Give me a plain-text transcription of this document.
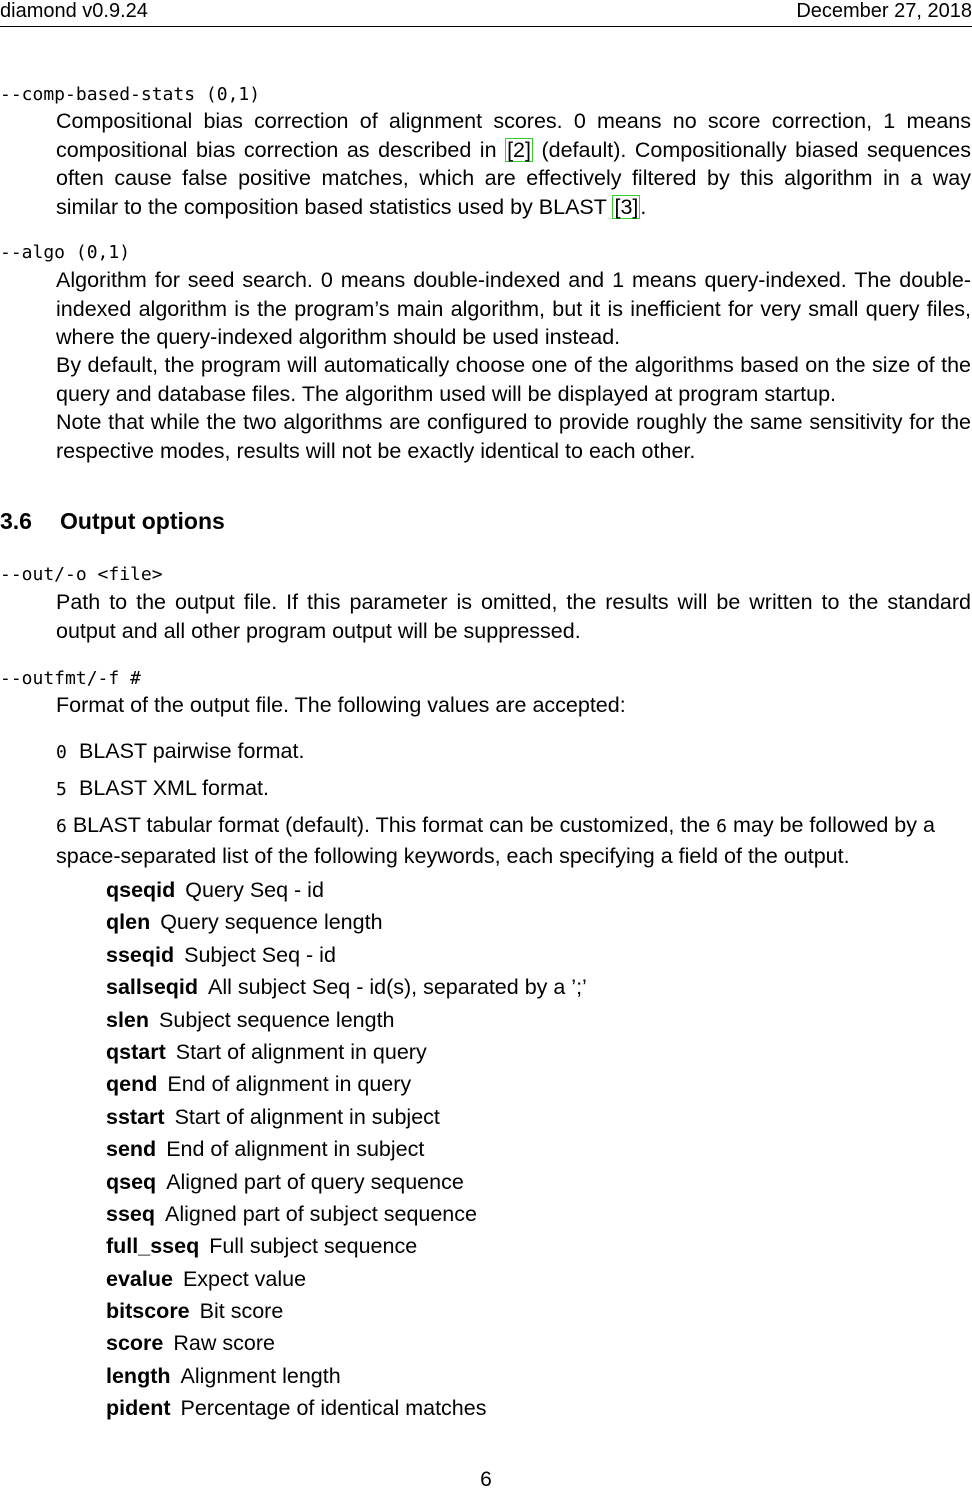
diamond v0.9.24	December 27, 2018
--comp-based-stats (0,1)
Compositional bias correction of alignment scores. 0 means no score correction, 1 means compositional bias correction as described in [2] (default). Compositionally biased sequences often cause false positive matches, which are effectively filtered by this algorithm in a way similar to the composition based statistics used by BLAST [3].
--algo (0,1)
Algorithm for seed search. 0 means double-indexed and 1 means query-indexed. The double-indexed algorithm is the program’s main algorithm, but it is inefficient for very small query files, where the query-indexed algorithm should be used instead.
By default, the program will automatically choose one of the algorithms based on the size of the query and database files. The algorithm used will be displayed at program startup.
Note that while the two algorithms are configured to provide roughly the same sensitivity for the respective modes, results will not be exactly identical to each other.
3.6 Output options
--out/-o <file>
Path to the output file. If this parameter is omitted, the results will be written to the standard output and all other program output will be suppressed.
--outfmt/-f #
Format of the output file. The following values are accepted:
0 BLAST pairwise format.
5 BLAST XML format.
6 BLAST tabular format (default). This format can be customized, the 6 may be followed by a space-separated list of the following keywords, each specifying a field of the output.
qseqid Query Seq - id
qlen Query sequence length
sseqid Subject Seq - id
sallseqid All subject Seq - id(s), separated by a ’;’
slen Subject sequence length
qstart Start of alignment in query
qend End of alignment in query
sstart Start of alignment in subject
send End of alignment in subject
qseq Aligned part of query sequence
sseq Aligned part of subject sequence
full_sseq Full subject sequence
evalue Expect value
bitscore Bit score
score Raw score
length Alignment length
pident Percentage of identical matches
6
